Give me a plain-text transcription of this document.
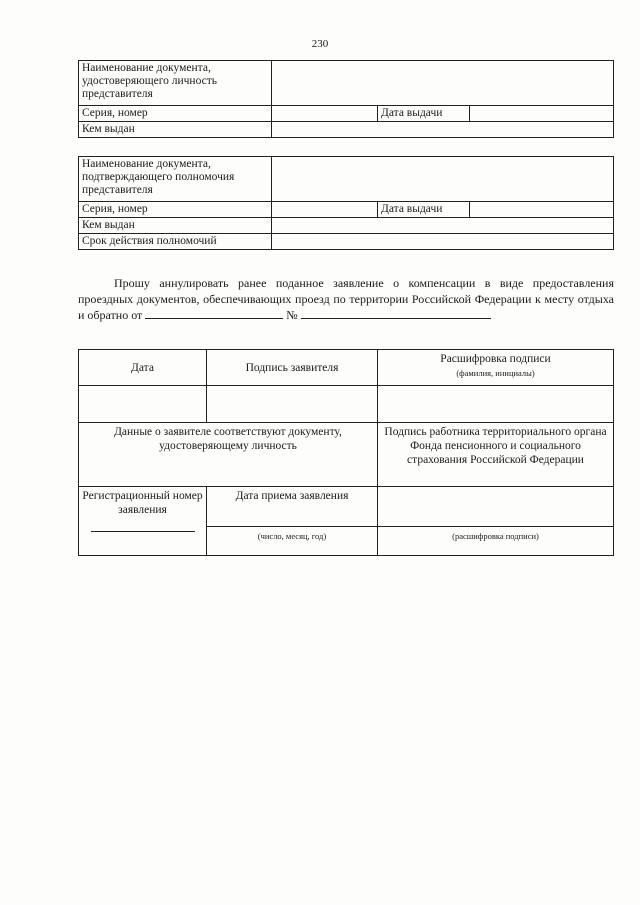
230
Наименование документа, удостоверяющего личность представителя			
Серия, номер		Дата выдачи	
Кем выдан			
Наименование документа, подтверждающего полномочия представителя			
Серия, номер		Дата выдачи	
Кем выдан			
Срок действия полномочий			
Прошу аннулировать ранее поданное заявление о компенсации в виде предоставления проездных документов, обеспечивающих проезд по территории Российской Федерации к месту отдыха и обратно от	№
Дата	Подпись заявителя	Расшифровка подписи
(фамилия, инициалы)

Данные о заявителе соответствуют документу, удостоверяющему личность		Подпись работника территориального органа Фонда пенсионного и социального страхования Российской Федерации
Регистрационный номер заявления	Дата приема заявления	

	(число, месяц, год)	(расшифровка подписи)
